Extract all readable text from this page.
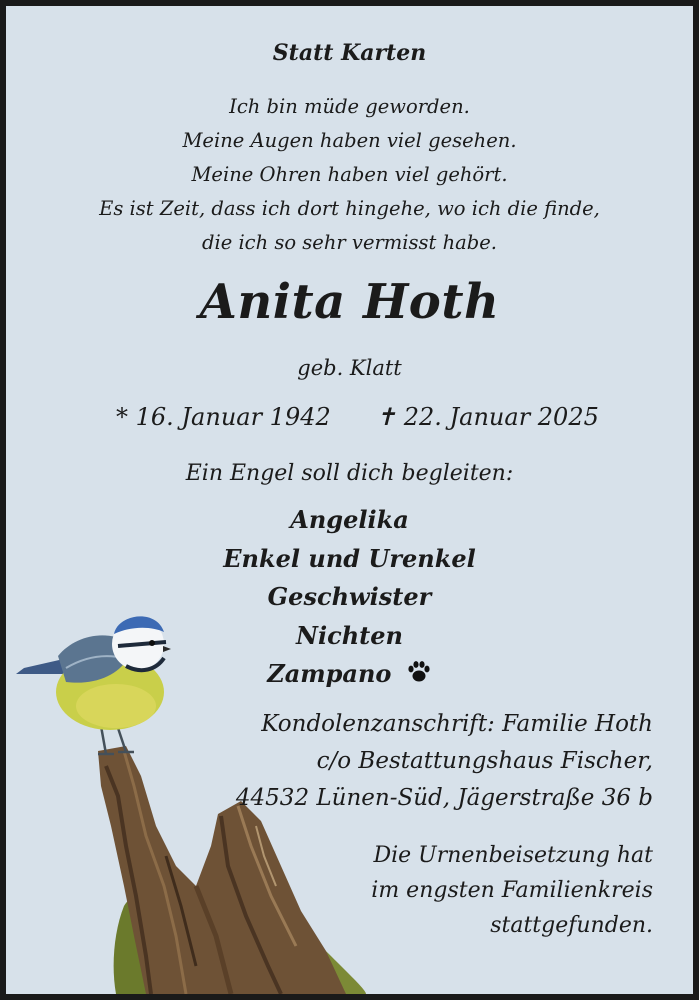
Statt Karten
Ich bin müde geworden.
Meine Augen haben viel gesehen.
Meine Ohren haben viel gehört.
Es ist Zeit, dass ich dort hingehe, wo ich die finde,
die ich so sehr vermisst habe.
Anita Hoth
geb. Klatt
* 16. Januar 1942 ✝ 22. Januar 2025
Ein Engel soll dich begleiten:
Angelika
Enkel und Urenkel
Geschwister
Nichten
Zampano
Kondolenzanschrift: Familie Hoth
c/o Bestattungshaus Fischer,
44532 Lünen-Süd, Jägerstraße 36 b
Die Urnenbeisetzung hat
im engsten Familienkreis
stattgefunden.
